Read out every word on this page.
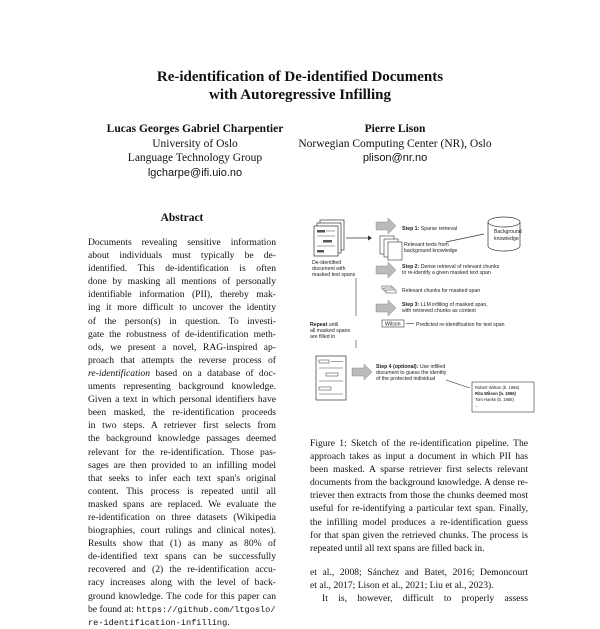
Re-identification of De-identified Documents
with Autoregressive Infilling
Lucas Georges Gabriel Charpentier
University of Oslo
Language Technology Group
lgcharpe@ifi.uio.no
Pierre Lison
Norwegian Computing Center (NR), Oslo
plison@nr.no
Abstract
Documents revealing sensitive information
about individuals must typically be de-
identified. This de-identification is often
done by masking all mentions of personally
identifiable information (PII), thereby mak-
ing it more difficult to uncover the identity
of the person(s) in question. To investi-
gate the robustness of de-identification meth-
ods, we present a novel, RAG-inspired ap-
proach that attempts the reverse process of
re-identification based on a database of doc-
uments representing background knowledge.
Given a text in which personal identifiers have
been masked, the re-identification proceeds
in two steps. A retriever first selects from
the background knowledge passages deemed
relevant for the re-identification. Those pas-
sages are then provided to an infilling model
that seeks to infer each text span's original
content. This process is repeated until all
masked spans are replaced. We evaluate the
re-identification on three datasets (Wikipedia
biographies, court rulings and clinical notes).
Results show that (1) as many as 80% of
de-identified text spans can be successfully
recovered and (2) the re-identification accu-
racy increases along with the level of back-
ground knowledge. The code for this paper can
be found at: https://github.com/ltgoslo/
re-identification-infilling.
De-identified
document with
masked text spans
Step 1: Sparse retrieval	Background
knowledge
Relevant texts from
background knowledge
Step 2: Dense retrieval of relevant chunks
to re-identify a given masked text span
Relevant chunks for masked span
Step 3: LLM infilling of masked span,
with retrieved chunks as context
Repeat until
all masked spans
are filled in
Wilson	Predicted re-identification for text span
Step 4 (optional): Use infilled
document to guess the identity
of the protected individual
Robert Wilson (b. 1956)
Rita Wilson (b. 1956)
Tom Hanks (b. 1956)
...
Figure 1: Sketch of the re-identification pipeline. The
approach takes as input a document in which PII has
been masked. A sparse retriever first selects relevant
documents from the background knowledge. A dense re-
triever then extracts from those the chunks deemed most
useful for re-identifying a particular text span. Finally,
the infilling model produces a re-identification guess
for that span given the retrieved chunks. The process is
repeated until all text spans are filled back in.
et al., 2008; Sánchez and Batet, 2016; Demoncourt
et al., 2017; Lison et al., 2021; Liu et al., 2023).
It is, however, difficult to properly assess
